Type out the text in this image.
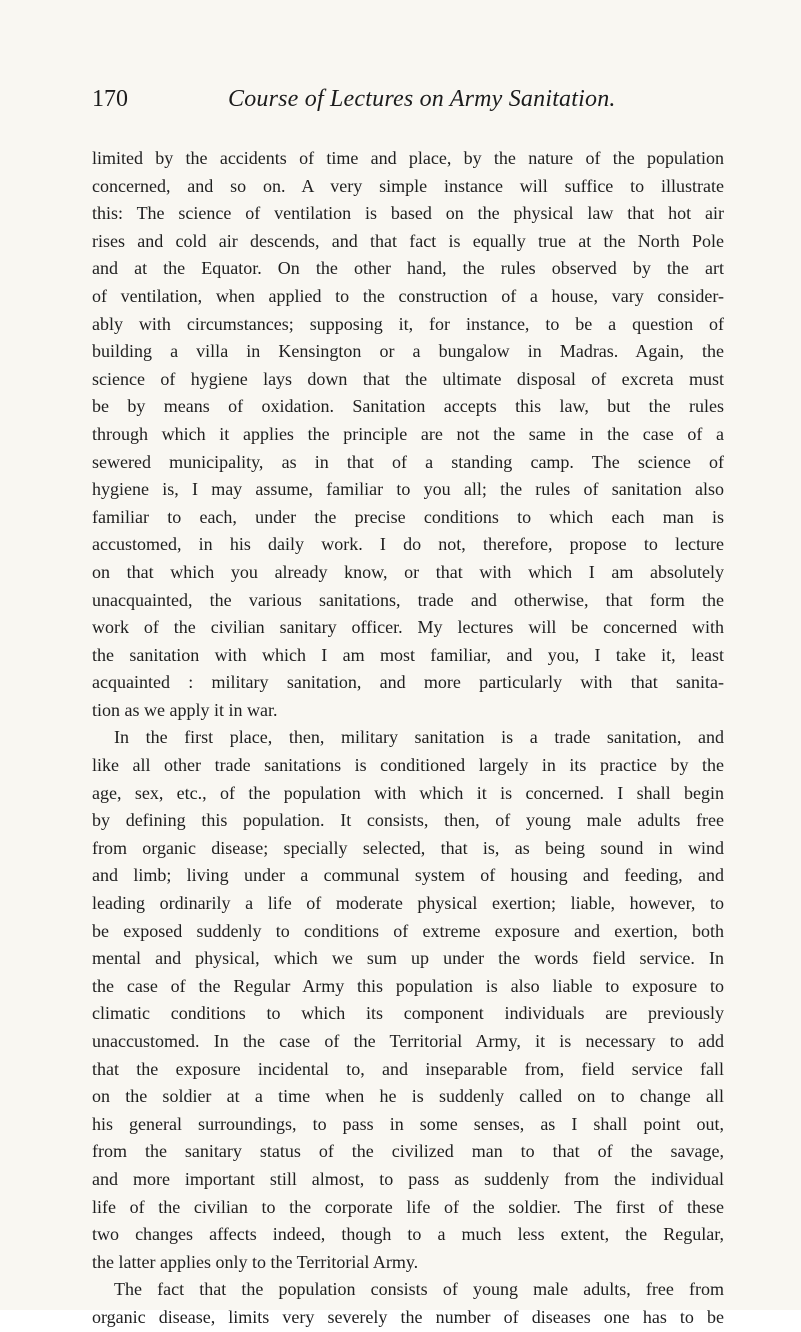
170	Course of Lectures on Army Sanitation.
limited by the accidents of time and place, by the nature of the population
concerned, and so on. A very simple instance will suffice to illustrate
this: The science of ventilation is based on the physical law that hot air
rises and cold air descends, and that fact is equally true at the North Pole
and at the Equator. On the other hand, the rules observed by the art
of ventilation, when applied to the construction of a house, vary consider-
ably with circumstances; supposing it, for instance, to be a question of
building a villa in Kensington or a bungalow in Madras. Again, the
science of hygiene lays down that the ultimate disposal of excreta must
be by means of oxidation. Sanitation accepts this law, but the rules
through which it applies the principle are not the same in the case of a
sewered municipality, as in that of a standing camp. The science of
hygiene is, I may assume, familiar to you all; the rules of sanitation also
familiar to each, under the precise conditions to which each man is
accustomed, in his daily work. I do not, therefore, propose to lecture
on that which you already know, or that with which I am absolutely
unacquainted, the various sanitations, trade and otherwise, that form the
work of the civilian sanitary officer. My lectures will be concerned with
the sanitation with which I am most familiar, and you, I take it, least
acquainted : military sanitation, and more particularly with that sanita-
tion as we apply it in war.
In the first place, then, military sanitation is a trade sanitation, and
like all other trade sanitations is conditioned largely in its practice by the
age, sex, etc., of the population with which it is concerned. I shall begin
by defining this population. It consists, then, of young male adults free
from organic disease; specially selected, that is, as being sound in wind
and limb; living under a communal system of housing and feeding, and
leading ordinarily a life of moderate physical exertion; liable, however, to
be exposed suddenly to conditions of extreme exposure and exertion, both
mental and physical, which we sum up under the words field service. In
the case of the Regular Army this population is also liable to exposure to
climatic conditions to which its component individuals are previously
unaccustomed. In the case of the Territorial Army, it is necessary to add
that the exposure incidental to, and inseparable from, field service fall
on the soldier at a time when he is suddenly called on to change all
his general surroundings, to pass in some senses, as I shall point out,
from the sanitary status of the civilized man to that of the savage,
and more important still almost, to pass as suddenly from the individual
life of the civilian to the corporate life of the soldier. The first of these
two changes affects indeed, though to a much less extent, the Regular,
the latter applies only to the Territorial Army.
The fact that the population consists of young male adults, free from
organic disease, limits very severely the number of diseases one has to be
